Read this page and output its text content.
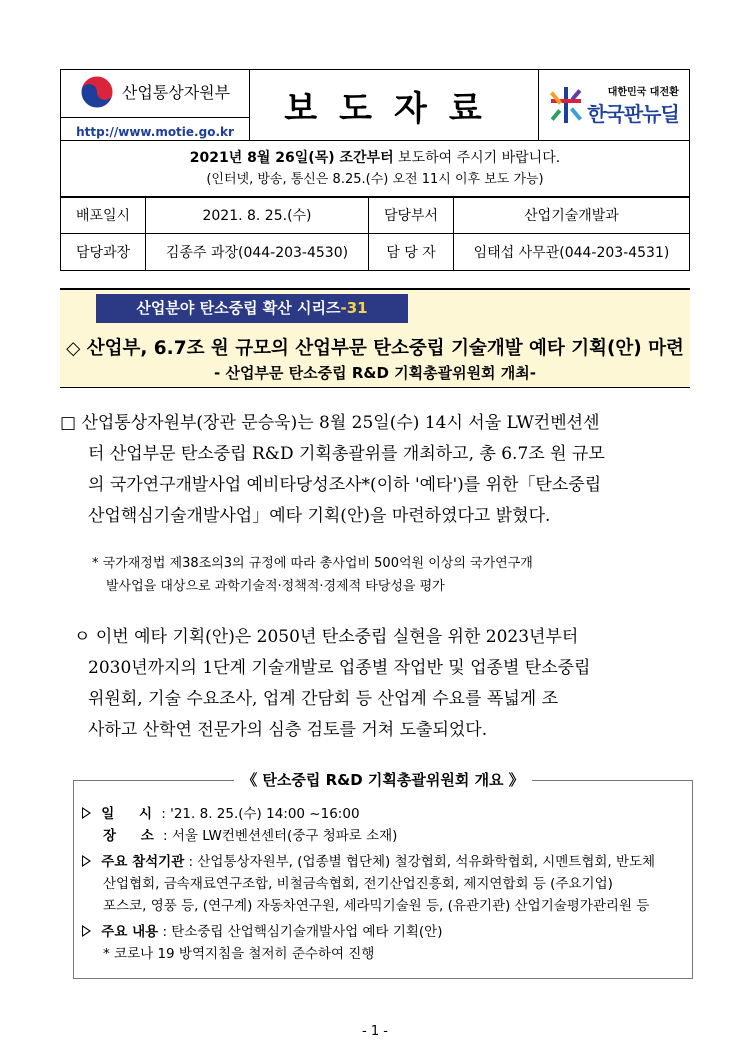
산업통상자원부
http://www.motie.go.kr
	보도자료	대한민국 대전환
한국판뉴딜

2021년 8월 26일(목) 조간부터 보도하여 주시기 바랍니다.
(인터넷, 방송, 통신은 8.25.(수) 오전 11시 이후 보도 가능)
배포일시	2021. 8. 25.(수)	담당부서	산업기술개발과
담당과장	김종주 과장(044-203-4530)	담 당 자	임태섭 사무관(044-203-4531)
산업분야 탄소중립 확산 시리즈-31
◇ 산업부, 6.7조 원 규모의 산업부문 탄소중립 기술개발 예타 기획(안) 마련
- 산업부문 탄소중립 R&D 기획총괄위원회 개최-
□ 산업통상자원부(장관 문승욱)는 8월 25일(수) 14시 서울 LW컨벤션센
터 산업부문 탄소중립 R&D 기획총괄위를 개최하고, 총 6.7조 원 규모
의 국가연구개발사업 예비타당성조사*(이하 '예타')를 위한「탄소중립
산업핵심기술개발사업」예타 기획(안)을 마련하였다고 밝혔다.
* 국가재정법 제38조의3의 규정에 따라 총사업비 500억원 이상의 국가연구개
발사업을 대상으로 과학기술적·정책적·경제적 타당성을 평가
ㅇ 이번 예타 기획(안)은 2050년 탄소중립 실현을 위한 2023년부터
2030년까지의 1단계 기술개발로 업종별 작업반 및 업종별 탄소중립
위원회, 기술 수요조사, 업계 간담회 등 산업계 수요를 폭넓게 조
사하고 산학연 전문가의 심층 검토를 거쳐 도출되었다.
《 탄소중립 R&D 기획총괄위원회 개요 》
일 시: '21. 8. 25.(수) 14:00 ~16:00
장 소: 서울 LW컨벤션센터(중구 청파로 소재)
주요 참석기관 : 산업통상자원부, (업종별 협단체) 철강협회, 석유화학협회, 시멘트협회, 반도체
산업협회, 금속재료연구조합, 비철금속협회, 전기산업진흥회, 제지연합회 등 (주요기업)
포스코, 영풍 등, (연구계) 자동차연구원, 세라믹기술원 등, (유관기관) 산업기술평가관리원 등
주요 내용 : 탄소중립 산업핵심기술개발사업 예타 기획(안)
* 코로나 19 방역지침을 철저히 준수하여 진행
- 1 -
